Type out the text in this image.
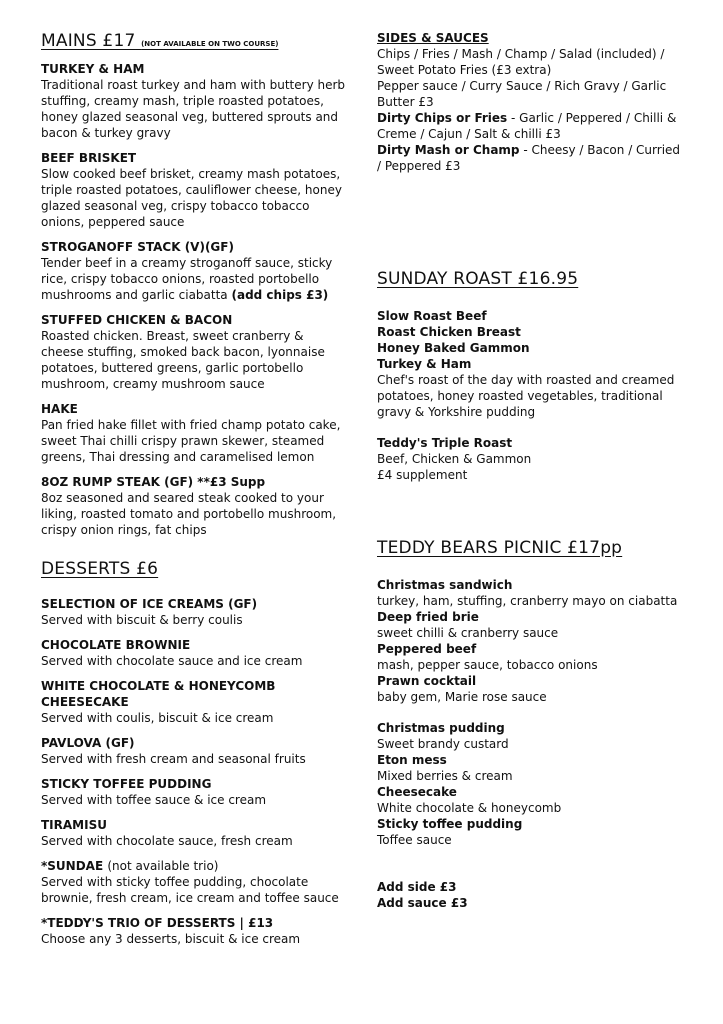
MAINS £17 (NOT AVAILABLE ON TWO COURSE)
TURKEY & HAM
Traditional roast turkey and ham with buttery herb stuffing, creamy mash, triple roasted potatoes, honey glazed seasonal veg, buttered sprouts and bacon & turkey gravy
BEEF BRISKET
Slow cooked beef brisket, creamy mash potatoes, triple roasted potatoes, cauliflower cheese, honey glazed seasonal veg, crispy tobacco tobacco onions, peppered sauce
STROGANOFF STACK (V)(GF)
Tender beef in a creamy stroganoff sauce, sticky rice, crispy tobacco onions, roasted portobello mushrooms and garlic ciabatta (add chips £3)
STUFFED CHICKEN & BACON
Roasted chicken. Breast, sweet cranberry & cheese stuffing, smoked back bacon, lyonnaise potatoes, buttered greens, garlic portobello mushroom, creamy mushroom sauce
HAKE
Pan fried hake fillet with fried champ potato cake, sweet Thai chilli crispy prawn skewer, steamed greens, Thai dressing and caramelised lemon
8OZ RUMP STEAK (GF) **£3 Supp
8oz seasoned and seared steak cooked to your liking, roasted tomato and portobello mushroom, crispy onion rings, fat chips
DESSERTS £6
SELECTION OF ICE CREAMS (GF)
Served with biscuit & berry coulis
CHOCOLATE BROWNIE
Served with chocolate sauce and ice cream
WHITE CHOCOLATE & HONEYCOMB CHEESECAKE
Served with coulis, biscuit & ice cream
PAVLOVA (GF)
Served with fresh cream and seasonal fruits
STICKY TOFFEE PUDDING
Served with toffee sauce & ice cream
TIRAMISU
Served with chocolate sauce, fresh cream
*SUNDAE (not available trio)
Served with sticky toffee pudding, chocolate brownie, fresh cream, ice cream and toffee sauce
*TEDDY'S TRIO OF DESSERTS | £13
Choose any 3 desserts, biscuit & ice cream
SIDES & SAUCES
Chips / Fries / Mash / Champ / Salad (included) / Sweet Potato Fries (£3 extra)
Pepper sauce / Curry Sauce / Rich Gravy / Garlic Butter £3
Dirty Chips or Fries - Garlic / Peppered / Chilli & Creme / Cajun / Salt & chilli £3
Dirty Mash or Champ - Cheesy / Bacon / Curried / Peppered £3
SUNDAY ROAST £16.95
Slow Roast Beef
Roast Chicken Breast
Honey Baked Gammon
Turkey & Ham
Chef's roast of the day with roasted and creamed potatoes, honey roasted vegetables, traditional gravy & Yorkshire pudding
Teddy's Triple Roast
Beef, Chicken & Gammon
£4 supplement
TEDDY BEARS PICNIC £17pp
Christmas sandwich
turkey, ham, stuffing, cranberry mayo on ciabatta
Deep fried brie
sweet chilli & cranberry sauce
Peppered beef
mash, pepper sauce, tobacco onions
Prawn cocktail
baby gem, Marie rose sauce
Christmas pudding
Sweet brandy custard
Eton mess
Mixed berries & cream
Cheesecake
White chocolate & honeycomb
Sticky toffee pudding
Toffee sauce
Add side £3
Add sauce £3
